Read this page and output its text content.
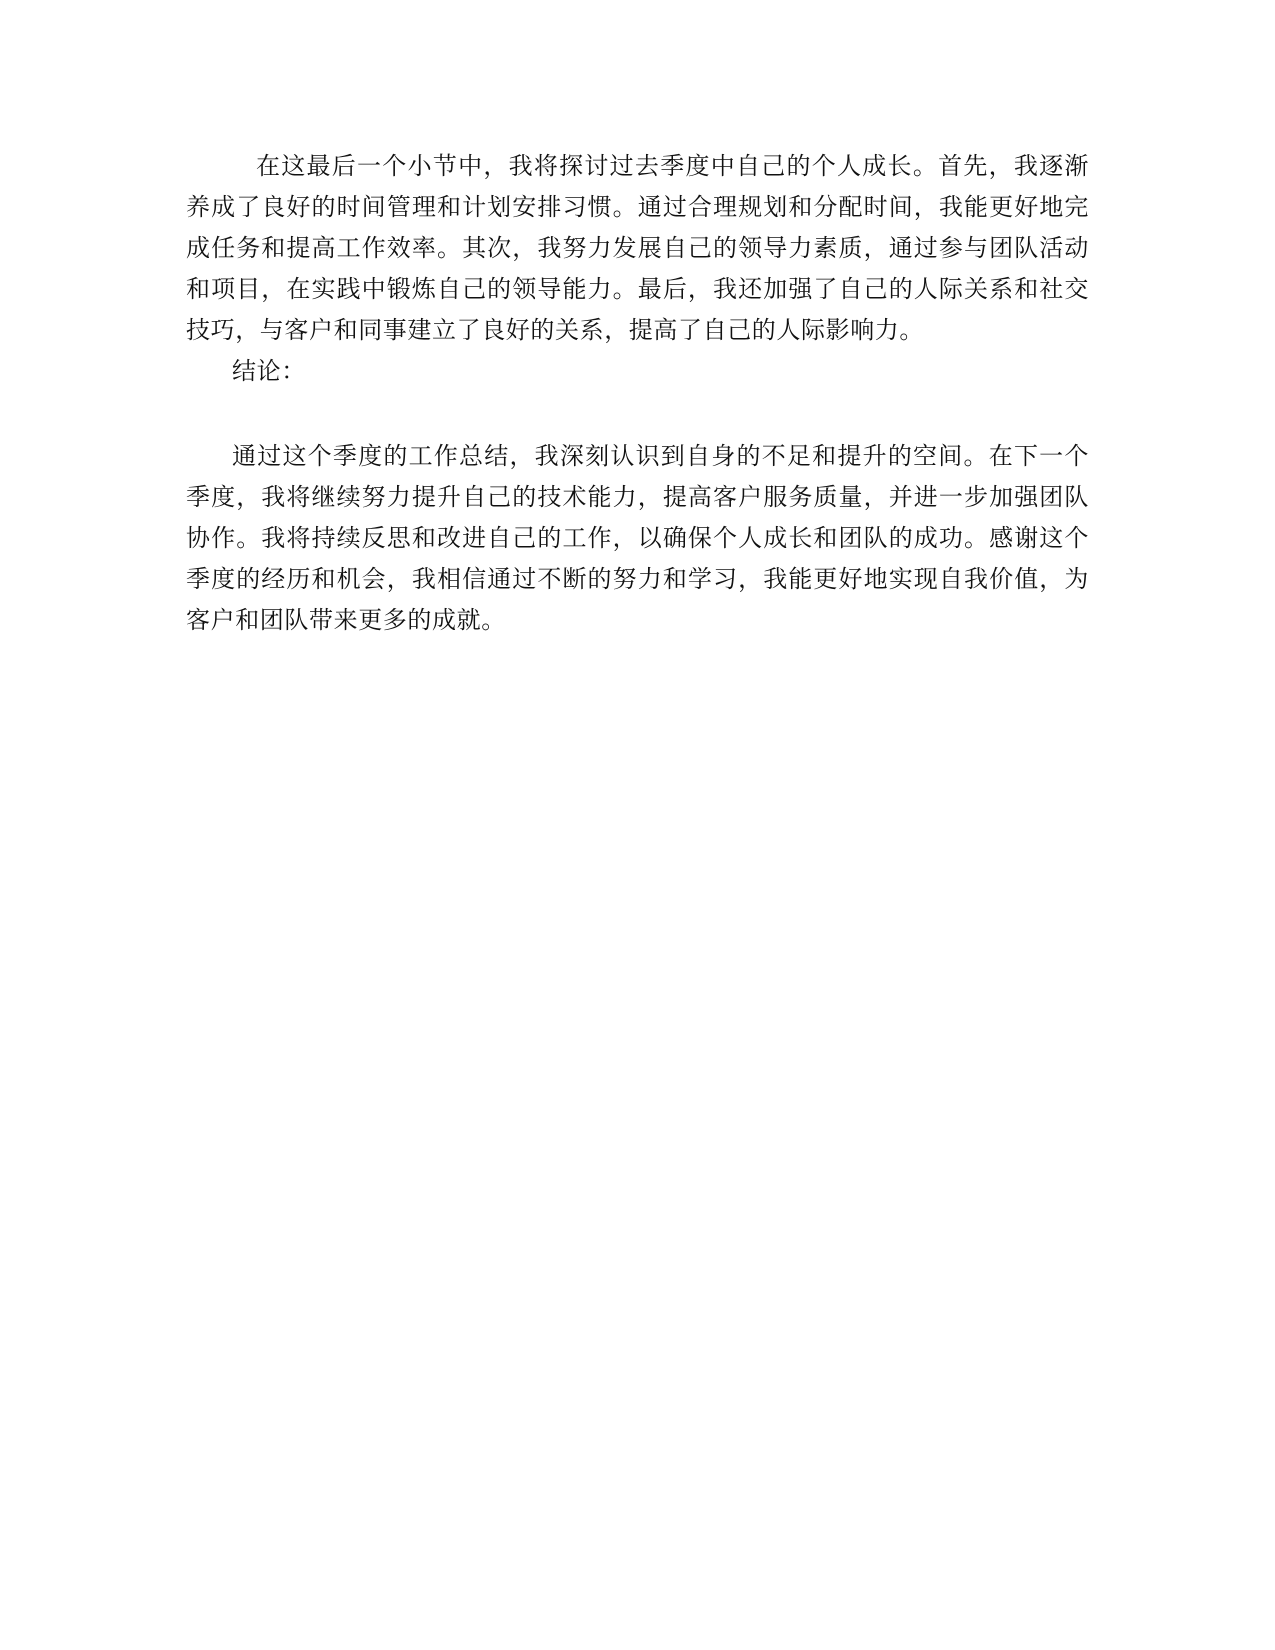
在这最后一个小节中，我将探讨过去季度中自己的个人成长。首先，我逐渐
养成了良好的时间管理和计划安排习惯。通过合理规划和分配时间，我能更好地完
成任务和提高工作效率。其次，我努力发展自己的领导力素质，通过参与团队活动
和项目，在实践中锻炼自己的领导能力。最后，我还加强了自己的人际关系和社交
技巧，与客户和同事建立了良好的关系，提高了自己的人际影响力。
结论：
通过这个季度的工作总结，我深刻认识到自身的不足和提升的空间。在下一个
季度，我将继续努力提升自己的技术能力，提高客户服务质量，并进一步加强团队
协作。我将持续反思和改进自己的工作，以确保个人成长和团队的成功。感谢这个
季度的经历和机会，我相信通过不断的努力和学习，我能更好地实现自我价值，为
客户和团队带来更多的成就。
